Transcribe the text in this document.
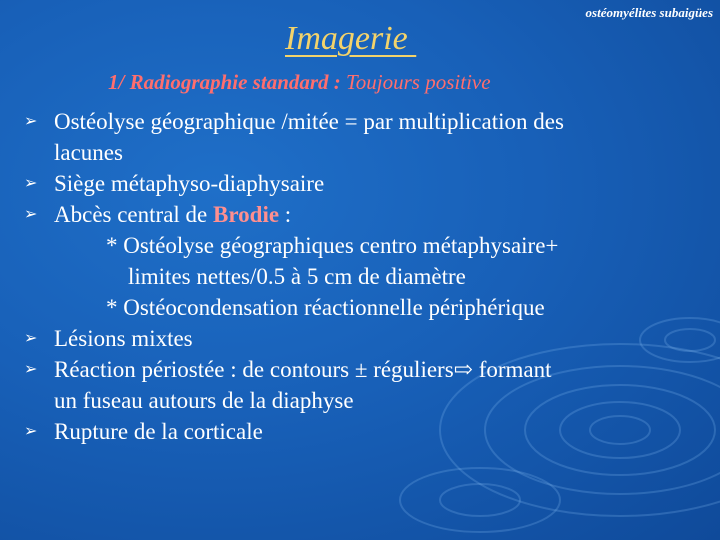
ostéomyélites subaigües
Imagerie
1/ Radiographie standard : Toujours positive
➢ Ostéolyse géographique /mitée = par multiplication des
lacunes
➢ Siège métaphyso-diaphysaire
➢ Abcès central de Brodie :
* Ostéolyse géographiques centro métaphysaire+
limites nettes/0.5 à 5 cm de diamètre
* Ostéocondensation réactionnelle périphérique
➢ Lésions mixtes
➢ Réaction périostée : de contours ± réguliers⇨ formant
un fuseau autours de la diaphyse
➢ Rupture de la corticale
